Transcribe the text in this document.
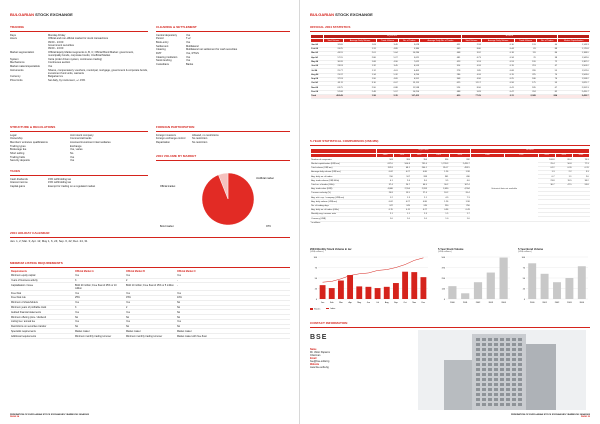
BULGARIAN STOCK EXCHANGE
TRADING
Days	Monday-Friday
Hours	Official and non-official market for stock transactions
09:00 - 13:00
Government securities
09:00 - 13:00
Market segmentation	Official Equity Market segments A, B, C; Official Bond Market: government, municipality bonds, corporate bonds; Unofficial Market
System	Xetra (order driven system, continuous trading)
Mechanisms	Continuous auction
Market makers/specialists	Yes
Instruments	Shares, compensatory vouchers, municipal, mortgage, government & corporate bonds, investment fund units, warrants
Currency	Bulgarian lev
Price limits	Set daily, by instrument, +/- 15%
CLEARING & SETTLEMENT
Central depository	Yes
Period	T+2
Book-entry	Yes
Settlement	Multilateral
Clearing	Multilateral net settlement for cash securities
DVP	Yes, RTGS
Clearing institution	Yes
Stock lending	Yes
Custodians	Banks
STRUCTURE & REGULATIONS
Legal	Joint stock company
Ownership	Commercial banks
Members' entrance qualifications	Licensed investment intermediaries
Trading types	Exchange
Brokerage fee	Yes, varies
Short selling	No
Trading halts	Yes
Security deposits	Yes
FOREIGN PARTICIPATION
Foreign investors	Allowed, no restrictions
Foreign exchange control	No restriction
Repatriation	No restriction
TAXES
Cash dividends	15% withholding tax
Interest income	15% withholding tax
Capital gains	Exempt for trading on a regulated market
2004 VOLUME BY MARKET
Official market
Unofficial market
Bond market	OTC
2004 HOLIDAY CALENDAR
Jan. 1, 2; Mar. 3; Apr. 12; May 1, 6, 24; Sep. 6, 22; Dec. 24, 31
MINIMUM LISTING REQUIREMENTS
Requirements	Official Market A	Official Market B	Official Market C
Minimum equity capital	Yes	Yes	Yes
Years of business activity	3	2	-
Capitalisation / Issue	BGN 20 million; Free float of 25% or 10 million	BGN 10 million; Free float of 15% or 5 million	-
Free float	Yes	Yes	Yes
Free float rule	25%	15%	10%
Minimum of shareholders	Yes	Yes	No
Minimum years of profitable track	3	2	No
Audited financial statements	Yes	Yes	No
Minimum offering price / dividend	No	No	No
Listing fee / annual fee	Yes	Yes	Yes
Restrictions on securities transfer	No	No	No
Specialist requirements	Market maker	Market maker	Market maker
Additional requirements	Minimum monthly trading turnover	Minimum monthly trading turnover	Market maker with free float
FEDERATION OF EURO-ASIAN STOCK EXCHANGES YEARBOOK 2004/2005
PAGE 24
BULGARIAN STOCK EXCHANGE
OFFICIAL 2004 STATISTICS
	EQUITIES					BONDS				
	Total Volume	Average Daily Volume	Trade Volume	No. of Trades	Average Daily No. of Trades	Total Volume	Average Daily Volume	Trade Volume	No. of Trades	Market Capitalisation
Jan.04	32.69	1.63	3.49	9,028	451	2.18	0.10	131	40	1,143.3
Feb.04	26.25	1.31	4.89	9,384	469	8.80	0.44	81	88	1,175.8
Mar.04	44.19	2.01	5.64	10,286	468	3.92	0.18	111	86	1,188.9
Apr.04	57.15	2.86	5.27	9,621	481	6.73	0.34	70	38	1,342.6
May.04	30.26	1.68	4.96	7,622	423	9.53	0.53	199	72	1,387.2
Jun.04	28.93	1.32	3.45	6,913	314	4.18	0.19	213	47	1,503.2
Jul.04	25.77	1.12	4.01	6,405	278	1.85	0.08	226	55	1,522.0
Aug.04	29.37	1.34	5.32	6,294	286	4.18	0.19	225	74	1,563.6
Sep.04	37.93	1.90	4.69	6,951	348	4.96	0.25	186	76	1,598.2
Oct.04	65.11	3.10	6.07	13,115	625	12.17	0.58	175	99	1,825.7
Nov.04	63.75	2.90	6.88	11,538	524	8.96	0.41	185	67	2,262.3
Dec.04	52.08	2.48	5.97	10,256	488	9.83	0.47	224	82	2,420.7
Total	493.49	1.98	5.35	107,413	430	77.29	0.31	2,028	824	2,420.7
5-YEAR STATISTICAL COMPARISON (US$ MN)
	EQUITIES					BONDS				
	2000	2001	2002	2003	2004	2000	2001	2002	2003	2004
Number of companies	503	399	354	356	332	Historical data not available		168.8	89.4	78.3
Market capitalisation (US$ mn)	617.0	504.8	731.6	1,733.3	2,420.7			29.4	50.8	77.3
Total volume (US$ mn)	152.8	68.1	200.1	314.7	493.5			0.12	0.20	0.31
Average daily volume (US$ mn)	0.62	0.27	0.80	1.26	1.98			1.3	2.2	3.3
Avg. daily no. of trades	150	107	268	361	430			0.7	1.1	2.0
Avg. trade volume (US$ 000s)	4.1	2.6	3.0	3.5	4.6			23.8	19.5	38.2
Total no. of trades (000s)	37.4	26.7	66.9	90.2	107.4			30.7	47.5	93.8
Avg. trade value (US$)	4,086	2,554	2,993	3,490	4,594					
Turnover velocity (%)	24.8	13.5	27.4	18.2	20.4					
Avg. mkt. cap. / company (US$ mn)	1.2	1.3	2.1	4.9	7.3					
Avg. daily volume (US$ mn)	0.62	0.27	0.80	1.26	1.98					
No. of trading days	247	249	249	250	250					
Avg. daily no. of trades (000s)	0.15	0.11	0.27	0.36	0.43					
Monthly avg. turnover ratio	2.1	1.1	2.3	1.5	1.7					
Currency (US$)	1.0	1.0	1.0	1.0	1.0					
* In millions
2004 Monthly Stock Volume in lev
(US$ millions)
0
25
50
75
100
Jan	Feb	Mar	Apr	May	Jun	Jul	Aug	Sep	Oct	Nov	Dec
Stocks	Index
5-Year Stock Volume
(US$ millions)
0
125
250
375
500
2000	2001	2002	2003	2004
5-Year Bond Volume
(US$ millions)
0
25
50
75
100
2000	2001	2002	2003	2004
CONTACT INFORMATION
BSE
Name
Mr. Viktor Papazov
Chairman
Email
bse@bse-sofia.bg
Website
www.bse-sofia.bg
FEDERATION OF EURO-ASIAN STOCK EXCHANGES YEARBOOK 2004/2005
PAGE 25
